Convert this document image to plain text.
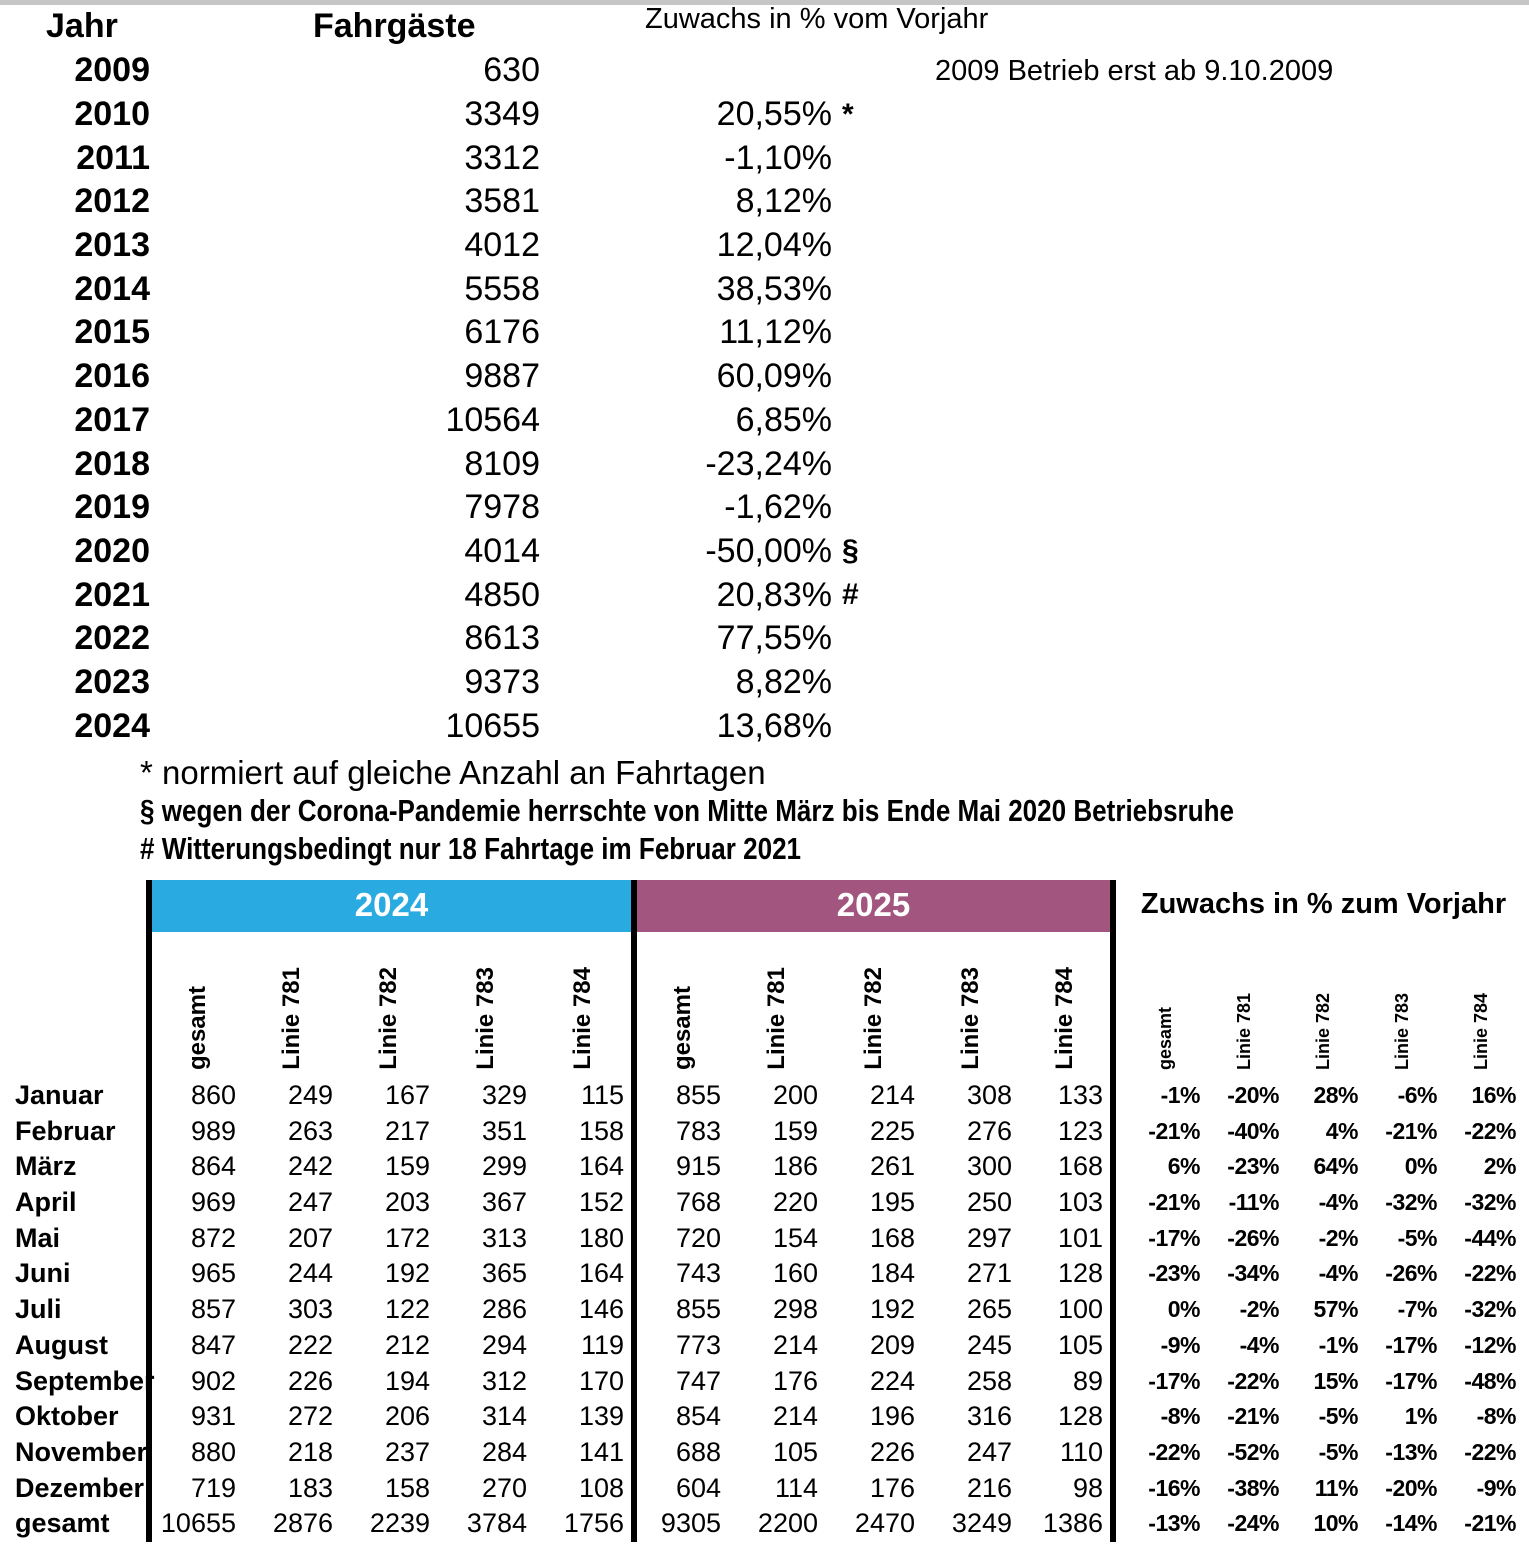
Jahr	Fahrgäste	Zuwachs in % vom Vorjahr
2009 Betrieb erst ab 9.10.2009
2009	630
2010	3349	20,55% *
2011	3312	-1,10%
2012	3581	8,12%
2013	4012	12,04%
2014	5558	38,53%
2015	6176	11,12%
2016	9887	60,09%
2017	10564	6,85%
2018	8109	-23,24%
2019	7978	-1,62%
2020	4014	-50,00% §
2021	4850	20,83% #
2022	8613	77,55%
2023	9373	8,82%
2024	10655	13,68%
* normiert auf gleiche Anzahl an Fahrtagen
§ wegen der Corona-Pandemie herrschte von Mitte März bis Ende Mai 2020 Betriebsruhe
# Witterungsbedingt nur 18 Fahrtage im Februar 2021
2024	2025	Zuwachs in % zum Vorjahr
gesamt	Linie 781	Linie 782	Linie 783	Linie 784	gesamt	Linie 781	Linie 782	Linie 783	Linie 784	gesamt	Linie 781	Linie 782	Linie 783	Linie 784
Januar	860	249	167	329	115	855	200	214	308	133	-1%	-20%	28%	-6%	16%
Februar	989	263	217	351	158	783	159	225	276	123	-21%	-40%	4%	-21%	-22%
März	864	242	159	299	164	915	186	261	300	168	6%	-23%	64%	0%	2%
April	969	247	203	367	152	768	220	195	250	103	-21%	-11%	-4%	-32%	-32%
Mai	872	207	172	313	180	720	154	168	297	101	-17%	-26%	-2%	-5%	-44%
Juni	965	244	192	365	164	743	160	184	271	128	-23%	-34%	-4%	-26%	-22%
Juli	857	303	122	286	146	855	298	192	265	100	0%	-2%	57%	-7%	-32%
August	847	222	212	294	119	773	214	209	245	105	-9%	-4%	-1%	-17%	-12%
September	902	226	194	312	170	747	176	224	258	89	-17%	-22%	15%	-17%	-48%
Oktober	931	272	206	314	139	854	214	196	316	128	-8%	-21%	-5%	1%	-8%
November	880	218	237	284	141	688	105	226	247	110	-22%	-52%	-5%	-13%	-22%
Dezember	719	183	158	270	108	604	114	176	216	98	-16%	-38%	11%	-20%	-9%
gesamt	10655	2876	2239	3784	1756	9305	2200	2470	3249	1386	-13%	-24%	10%	-14%	-21%
